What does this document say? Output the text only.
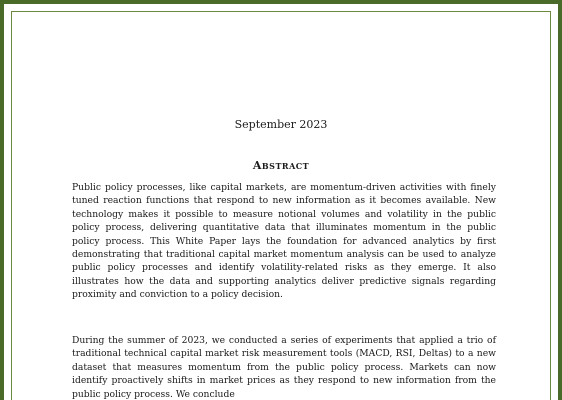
September 2023
Abstract

Public policy processes, like capital markets, are momentum-driven activities with finely tuned reaction functions that respond to new information as it becomes available. New technology makes it possible to measure notional volumes and volatility in the public policy process, delivering quantitative data that illuminates momentum in the public policy process. This White Paper lays the foundation for advanced analytics by first demonstrating that traditional capital market momentum analysis can be used to analyze public policy processes and identify volatility-related risks as they emerge. It also illustrates how the data and supporting analytics deliver predictive signals regarding proximity and conviction to a policy decision.

During the summer of 2023, we conducted a series of experiments that applied a trio of traditional technical capital market risk measurement tools (MACD, RSI, Deltas) to a new dataset that measures momentum from the public policy process. Markets can now identify proactively shifts in market prices as they respond to new information from the public policy process. We conclude
